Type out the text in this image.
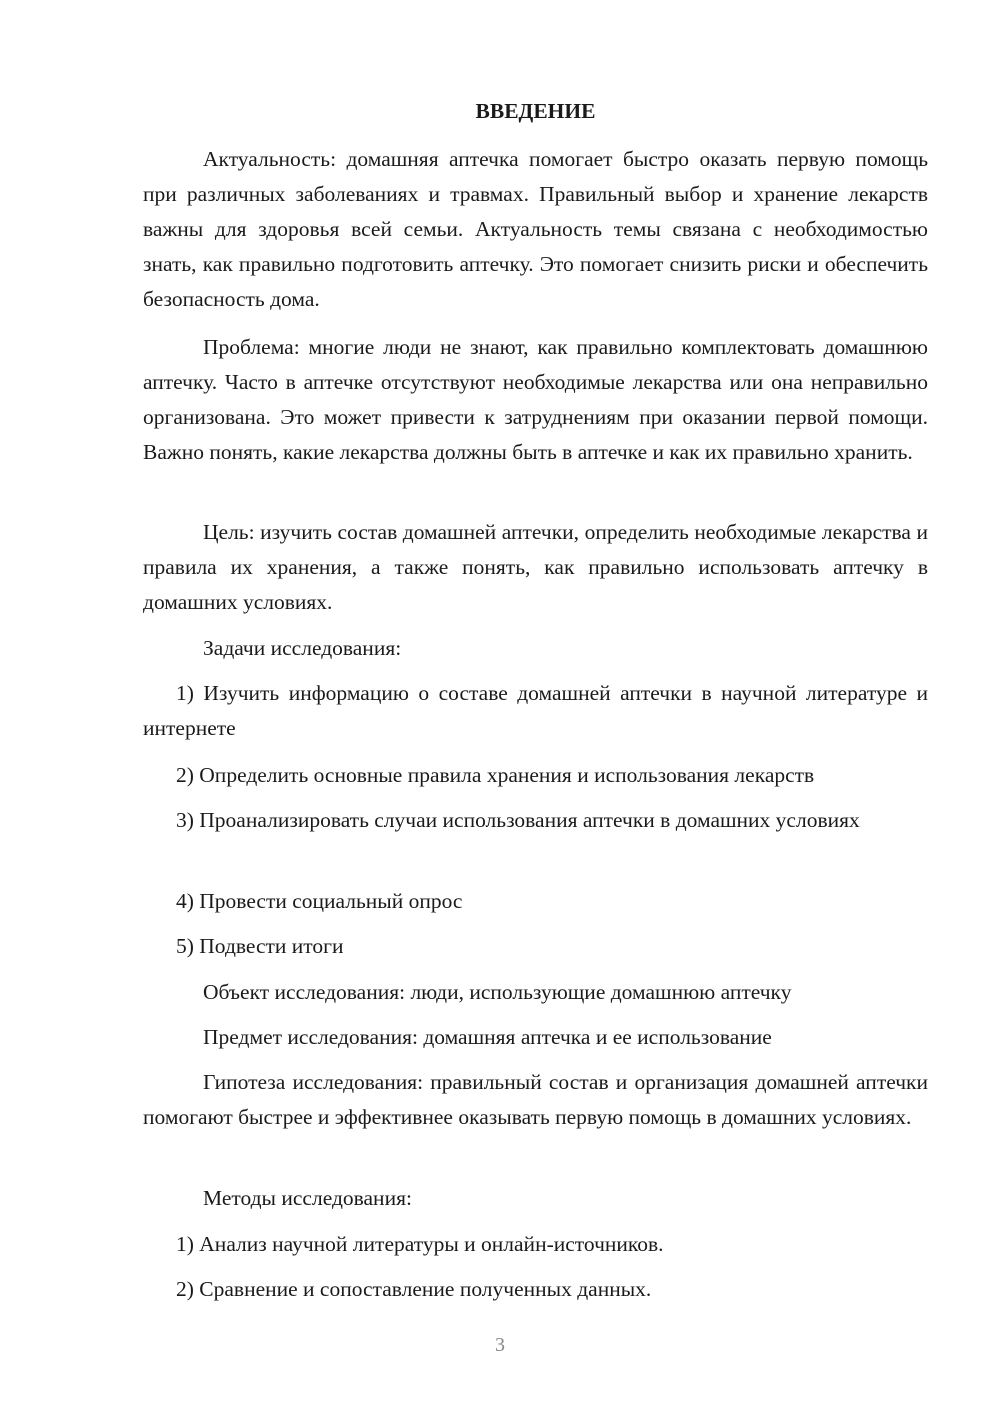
ВВЕДЕНИЕ
Актуальность: домашняя аптечка помогает быстро оказать первую помощь при различных заболеваниях и травмах. Правильный выбор и хранение лекарств важны для здоровья всей семьи. Актуальность темы связана с необходимостью знать, как правильно подготовить аптечку. Это помогает снизить риски и обеспечить безопасность дома.
Проблема: многие люди не знают, как правильно комплектовать домашнюю аптечку. Часто в аптечке отсутствуют необходимые лекарства или она неправильно организована. Это может привести к затруднениям при оказании первой помощи. Важно понять, какие лекарства должны быть в аптечке и как их правильно хранить.
Цель: изучить состав домашней аптечки, определить необходимые лекарства и правила их хранения, а также понять, как правильно использовать аптечку в домашних условиях.
Задачи исследования:
1) Изучить информацию о составе домашней аптечки в научной литературе и интернете
2) Определить основные правила хранения и использования лекарств
3) Проанализировать случаи использования аптечки в домашних условиях
4) Провести социальный опрос
5) Подвести итоги
Объект исследования: люди, использующие домашнюю аптечку
Предмет исследования: домашняя аптечка и ее использование
Гипотеза исследования: правильный состав и организация домашней аптечки помогают быстрее и эффективнее оказывать первую помощь в домашних условиях.
Методы исследования:
1) Анализ научной литературы и онлайн-источников.
2) Сравнение и сопоставление полученных данных.
3
